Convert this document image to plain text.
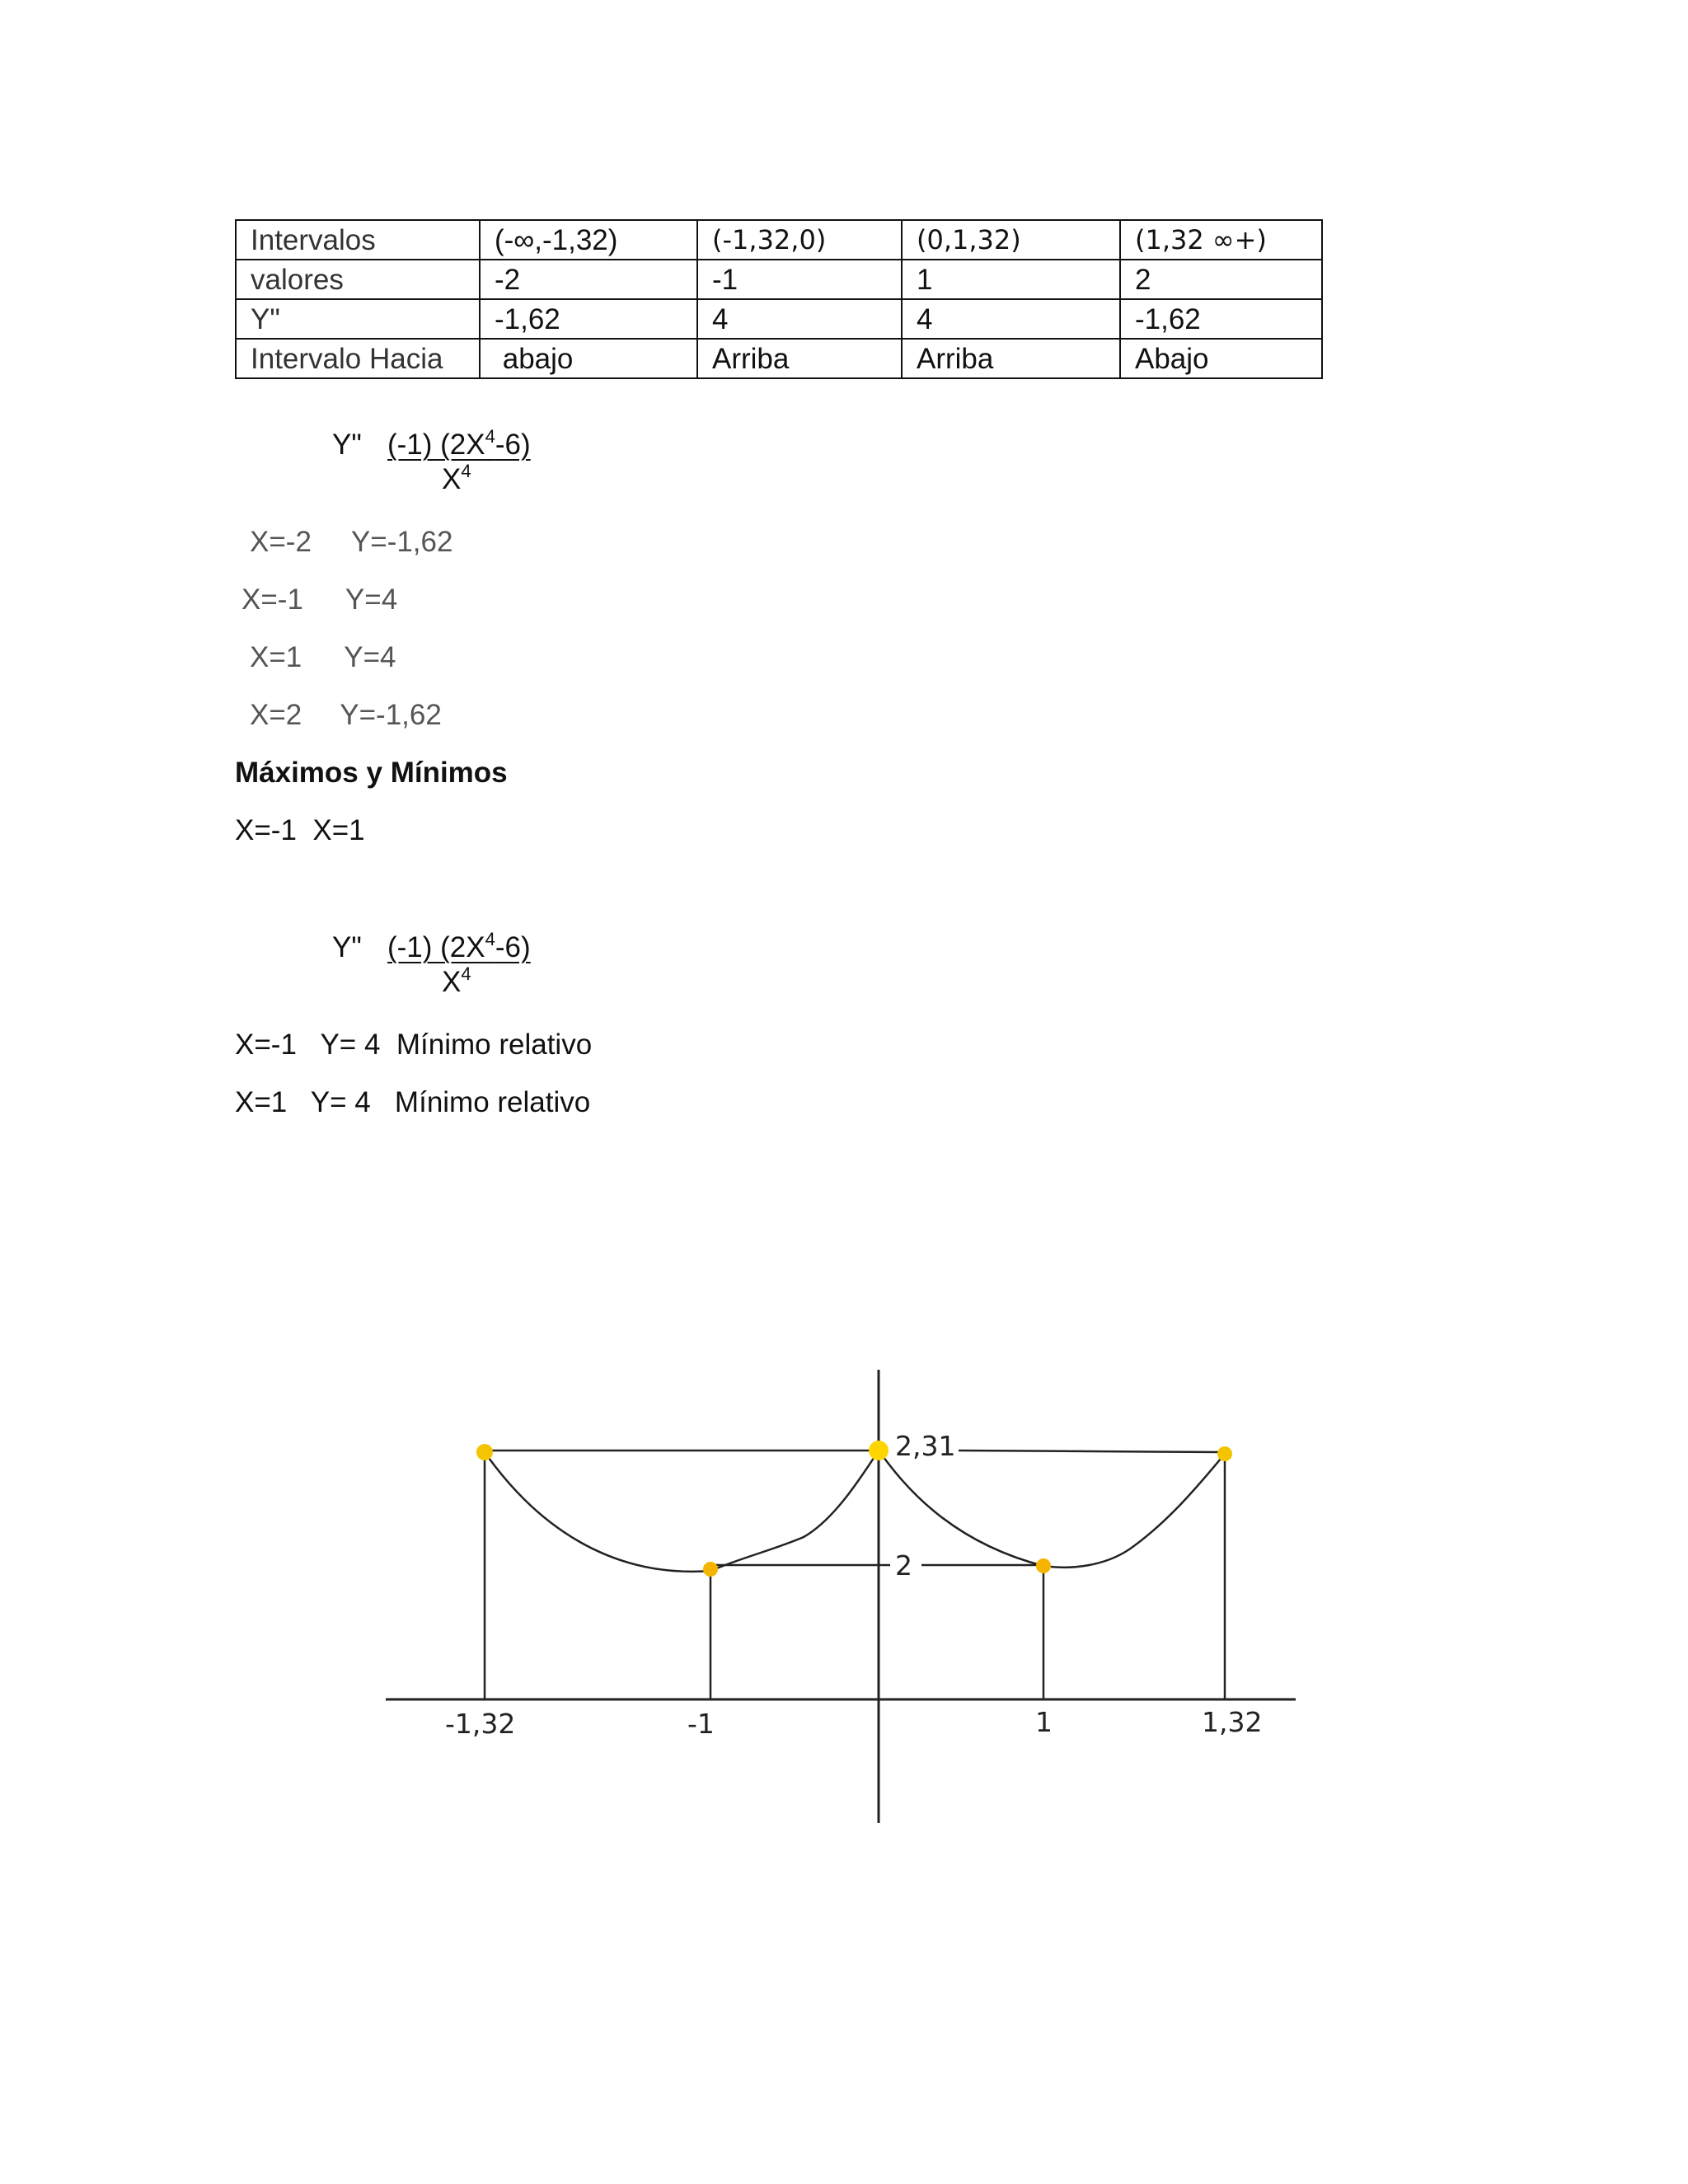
Intervalos	(-∞,-1,32)	(-1,32,0)	(0,1,32)	(1,32 ∞+)
valores	-2	-1	1	2
Y"	-1,62	4	4	-1,62
Intervalo Hacia	abajo	Arriba	Arriba	Abajo
Y" (-1) $(2X^4-6)$
$X^4$
X=-2 Y=-1,62
X=-1 Y=4
X=1 Y=4
X=2 Y=-1,62
Máximos y Mínimos
X=-1  X=1
Y" (-1) $(2X^4-6)$
$X^4$
X=-1   Y= 4  Mínimo relativo
X=1   Y= 4   Mínimo relativo
2,31
2
-1,32	-1	1	1,32
